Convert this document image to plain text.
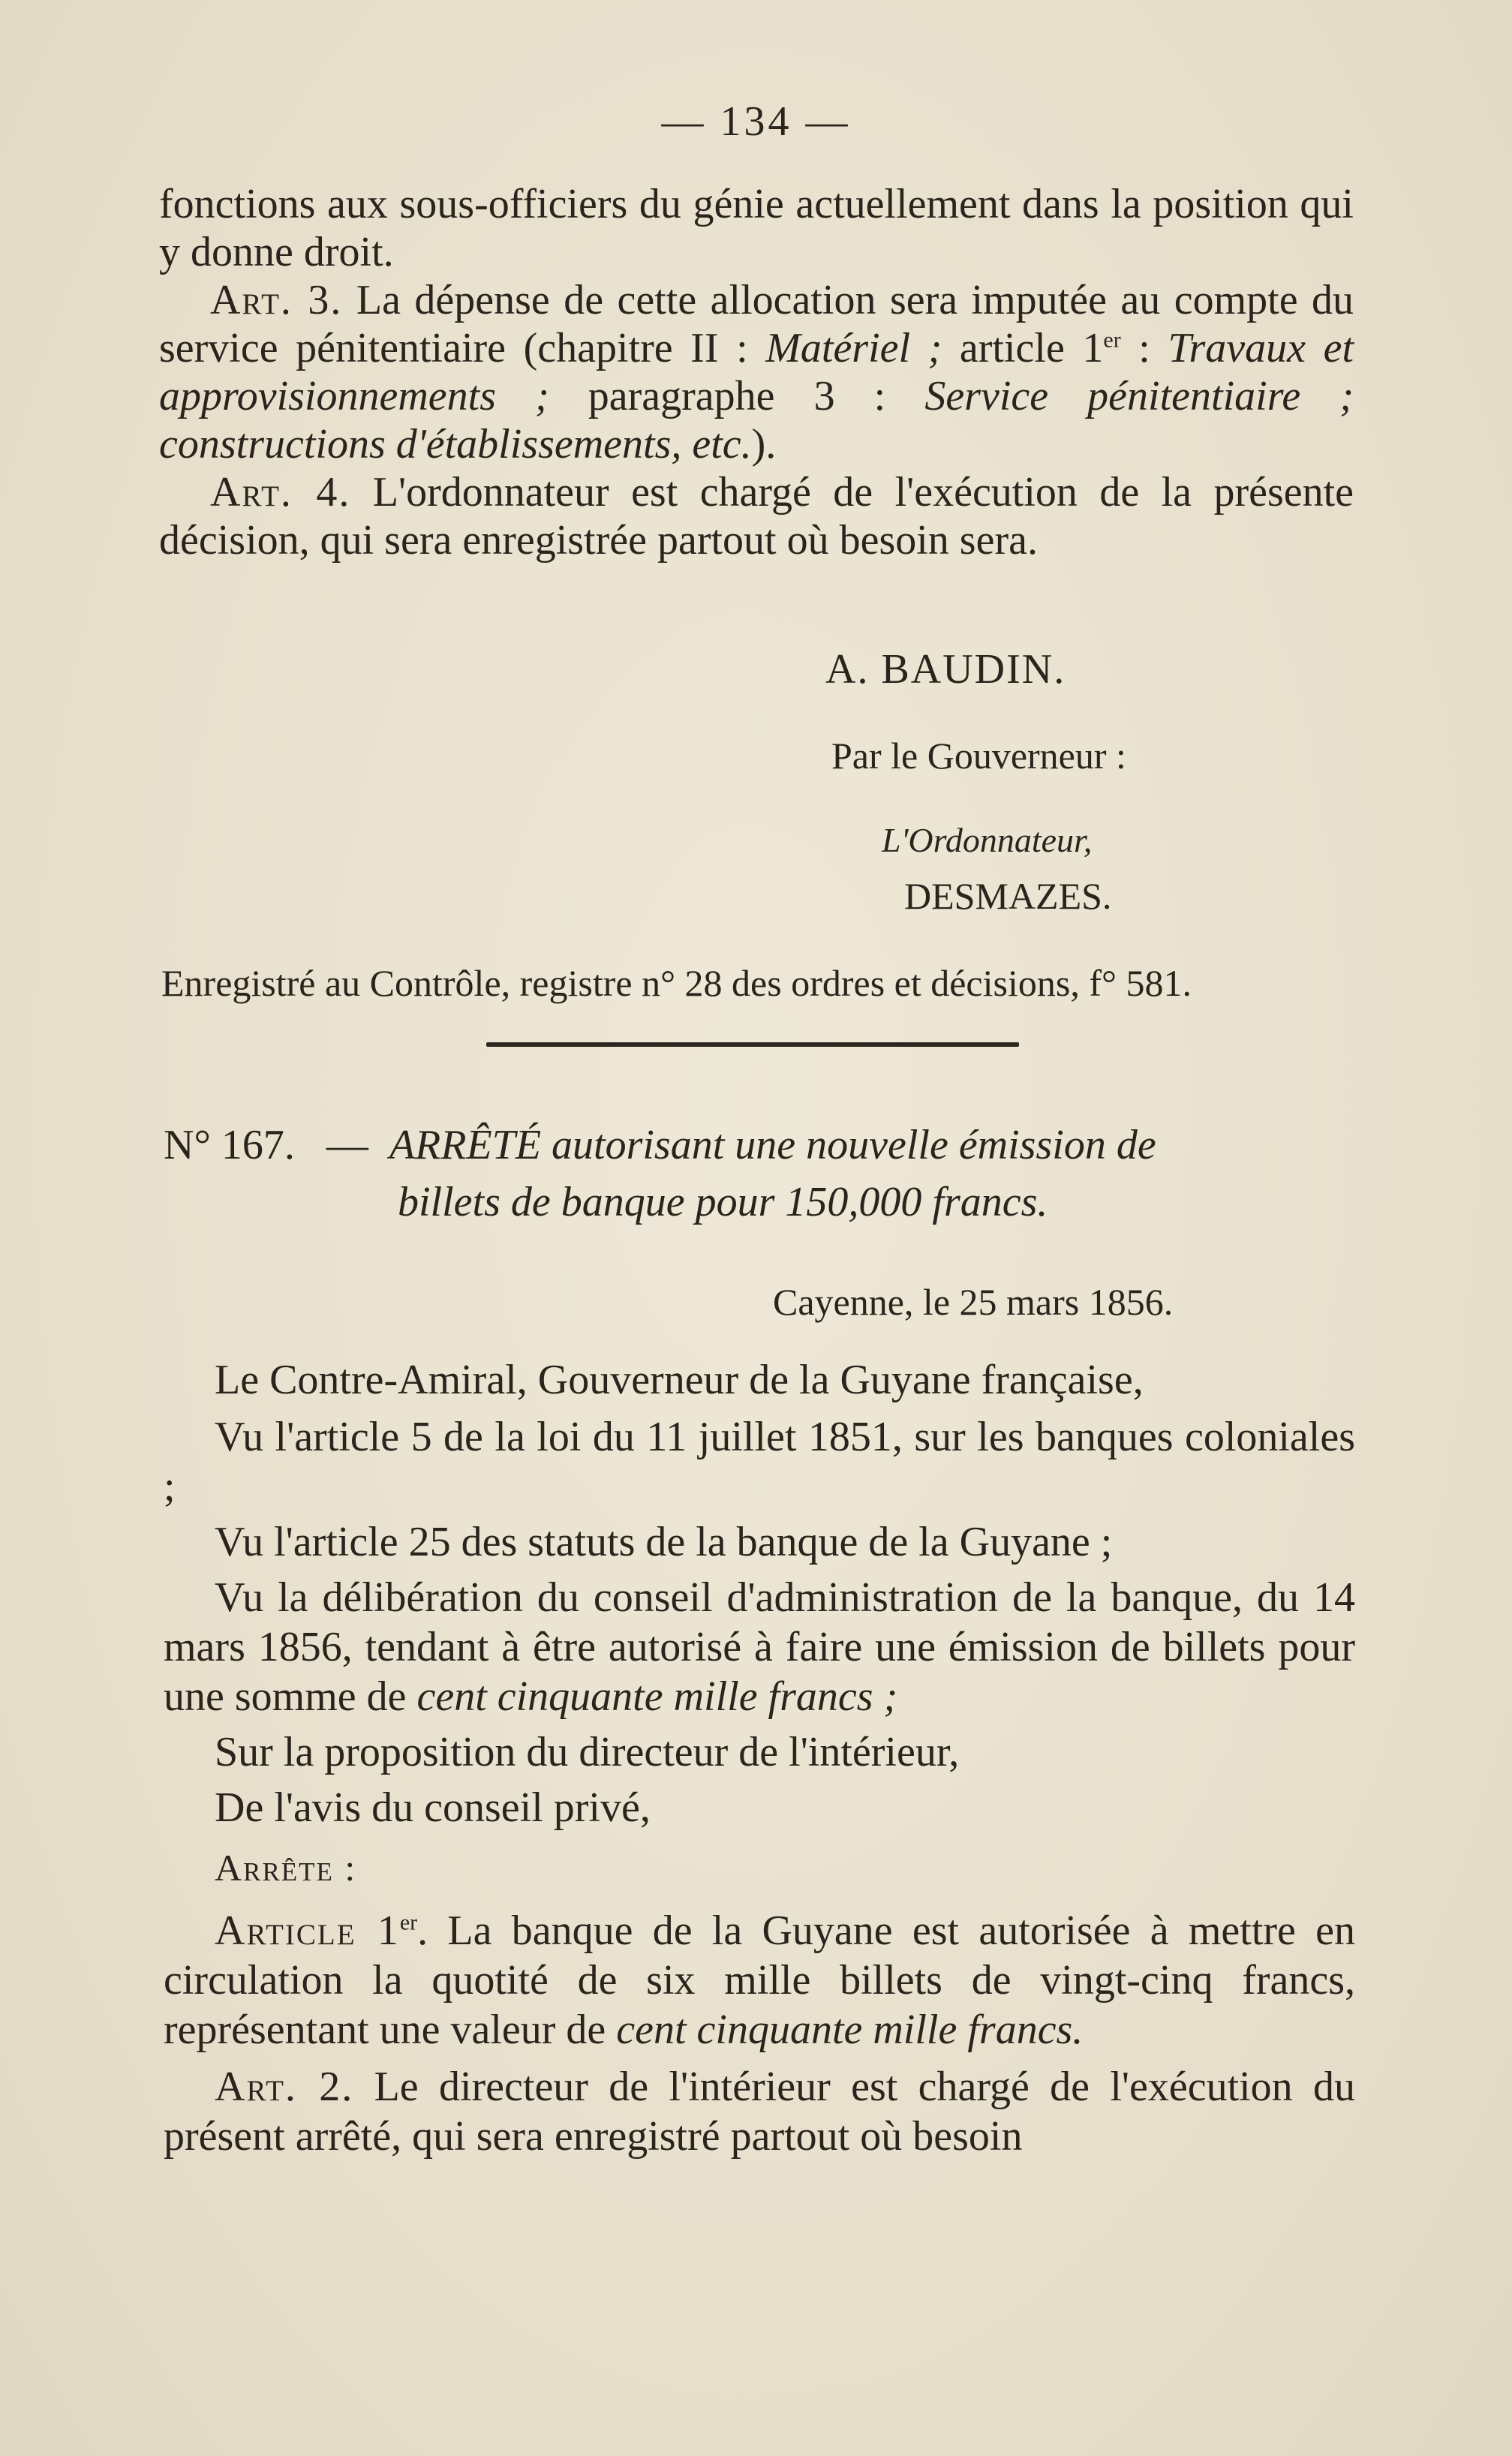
— 134 —

fonctions aux sous-officiers du génie actuellement dans la position qui y donne droit.

Art. 3. La dépense de cette allocation sera imputée au compte du service pénitentiaire (chapitre II : Matériel ; article 1er : Travaux et approvisionnements ; paragraphe 3 : Service pénitentiaire ; constructions d'établissements, etc.).

Art. 4. L'ordonnateur est chargé de l'exécution de la présente décision, qui sera enregistrée partout où besoin sera.

A. BAUDIN.

Par le Gouverneur :

L'Ordonnateur,

DESMAZES.

Enregistré au Contrôle, registre n° 28 des ordres et décisions, f° 581.

N° 167. — ARRÊTÉ autorisant une nouvelle émission de

billets de banque pour 150,000 francs.

Cayenne, le 25 mars 1856.

Le Contre-Amiral, Gouverneur de la Guyane française,

Vu l'article 5 de la loi du 11 juillet 1851, sur les banques coloniales ;

Vu l'article 25 des statuts de la banque de la Guyane ;

Vu la délibération du conseil d'administration de la banque, du 14 mars 1856, tendant à être autorisé à faire une émission de billets pour une somme de cent cinquante mille francs ;

Sur la proposition du directeur de l'intérieur,

De l'avis du conseil privé,

Arrête :

Article 1er. La banque de la Guyane est autorisée à mettre en circulation la quotité de six mille billets de vingt-cinq francs, représentant une valeur de cent cinquante mille francs.

Art. 2. Le directeur de l'intérieur est chargé de l'exécution du présent arrêté, qui sera enregistré partout où besoin
